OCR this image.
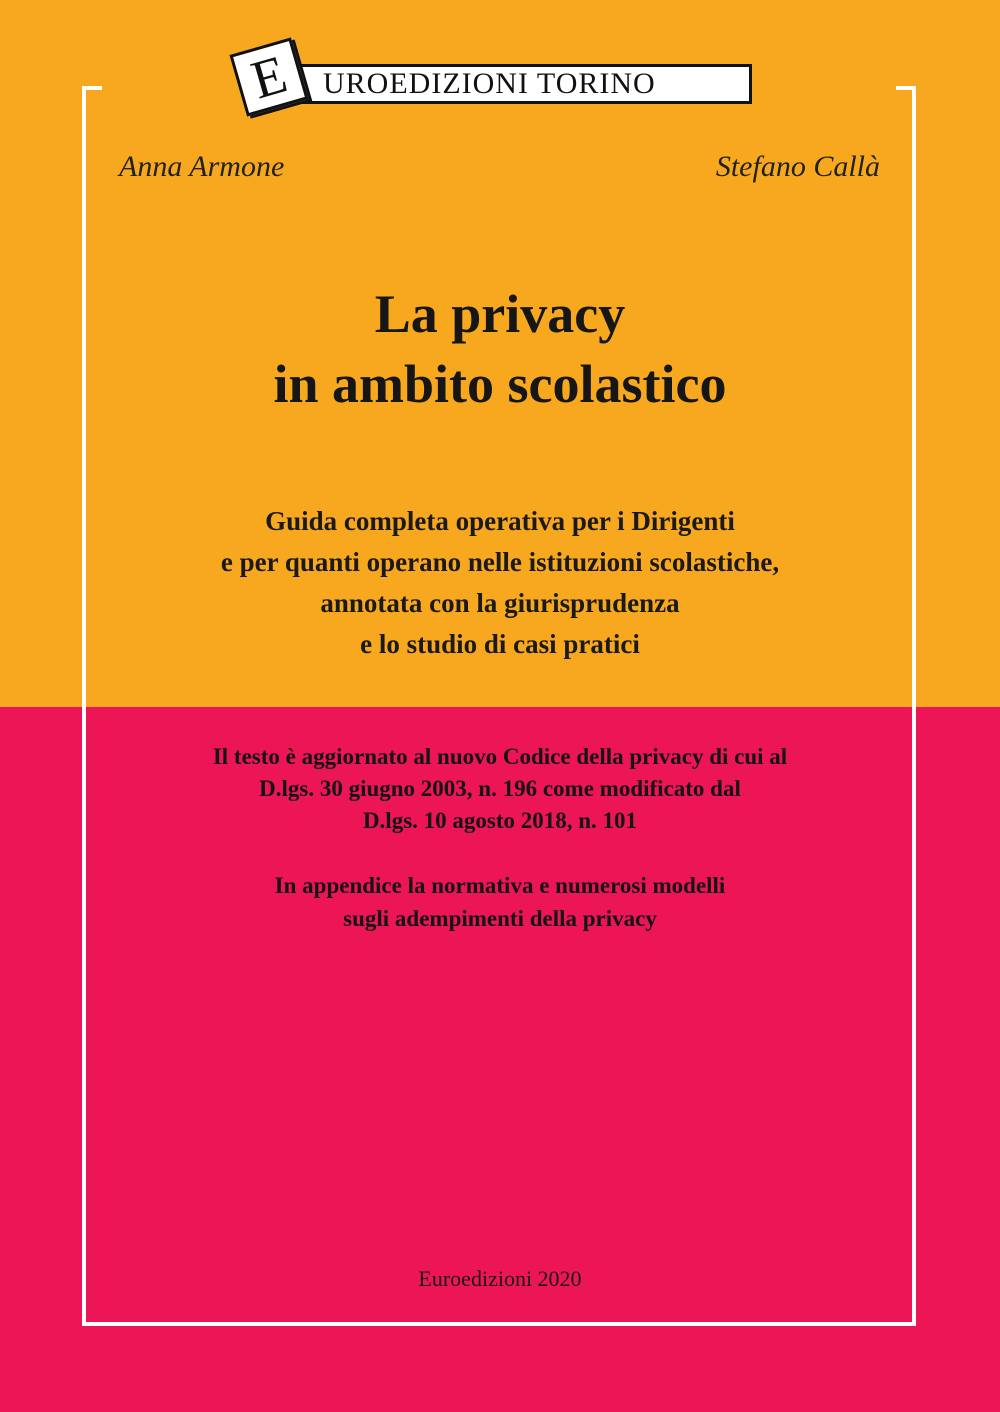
UROEDIZIONI TORINO
E
Anna Armone	Stefano Callà
La privacy
in ambito scolastico
Guida completa operativa per i Dirigenti
e per quanti operano nelle istituzioni scolastiche,
annotata con la giurisprudenza
e lo studio di casi pratici
Il testo è aggiornato al nuovo Codice della privacy di cui al
D.lgs. 30 giugno 2003, n. 196 come modificato dal
D.lgs. 10 agosto 2018, n. 101
In appendice la normativa e numerosi modelli
sugli adempimenti della privacy
Euroedizioni 2020
